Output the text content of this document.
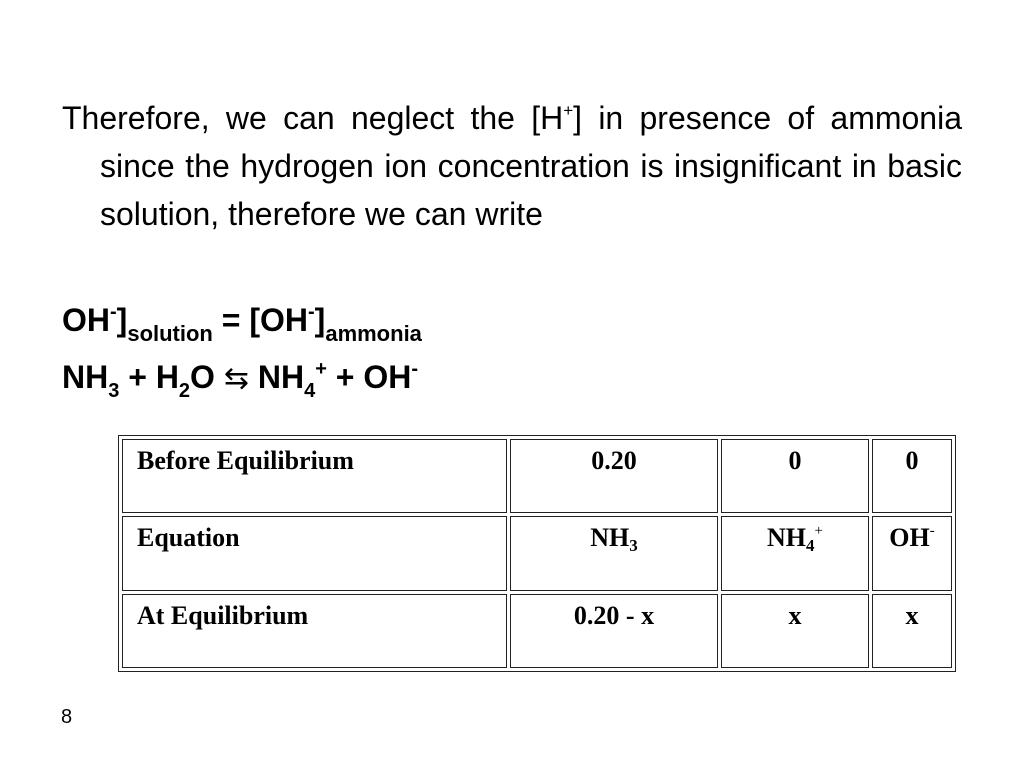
Therefore, we can neglect the [H+] in presence of ammonia since the hydrogen ion concentration is insignificant in basic solution, therefore we can write

$OH^-]_{solution} = [OH^-]_{ammonia}$
$NH_3 + H_2O$ ⇆ $NH_4^+ + OH^-$
Before Equilibrium	0.20	0	0
Equation	$NH_3$	$NH_4^+$	OH-
At Equilibrium	0.20 - x	x	x
8
